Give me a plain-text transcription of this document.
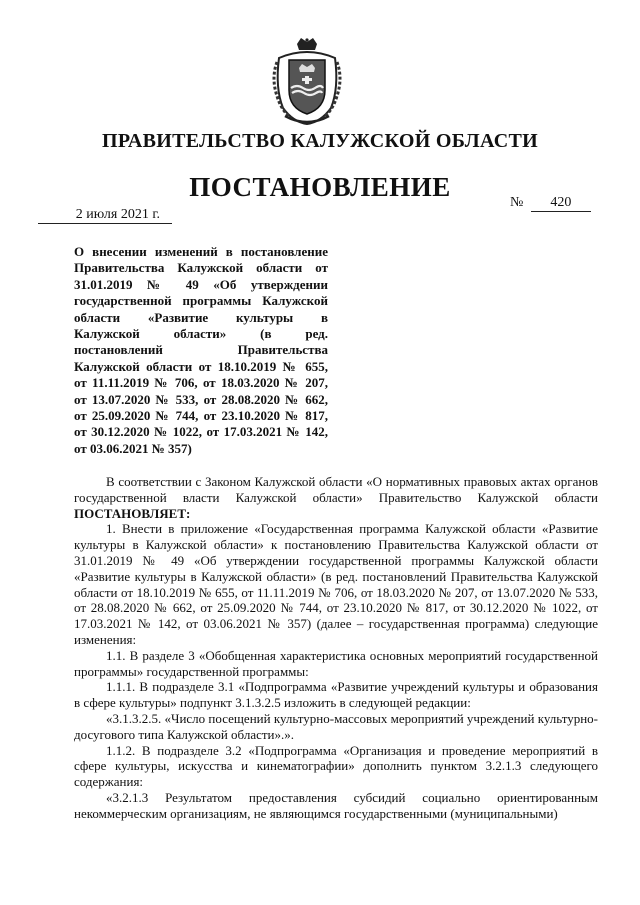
ПРАВИТЕЛЬСТВО КАЛУЖСКОЙ ОБЛАСТИ
ПОСТАНОВЛЕНИЕ
2 июля 2021 г.
№ 420
О внесении изменений в постановление
Правительства Калужской области от
31.01.2019 № 49 «Об утверждении
государственной программы Калужской
области «Развитие культуры в
Калужской области» (в ред.
постановлений Правительства
Калужской области от 18.10.2019 № 655,
от 11.11.2019 № 706, от 18.03.2020 № 207,
от 13.07.2020 № 533, от 28.08.2020 № 662,
от 25.09.2020 № 744, от 23.10.2020 № 817,
от 30.12.2020 № 1022, от 17.03.2021 № 142,
от 03.06.2021 № 357)

В соответствии с Законом Калужской области «О нормативных правовых актах органов государственной власти Калужской области» Правительство Калужской области ПОСТАНОВЛЯЕТ:

1. Внести в приложение «Государственная программа Калужской области «Развитие культуры в Калужской области» к постановлению Правительства Калужской области от 31.01.2019 № 49 «Об утверждении государственной программы Калужской области «Развитие культуры в Калужской области» (в ред. постановлений Правительства Калужской области от 18.10.2019 № 655, от 11.11.2019 № 706, от 18.03.2020 № 207, от 13.07.2020 № 533, от 28.08.2020 № 662, от 25.09.2020 № 744, от 23.10.2020 № 817, от 30.12.2020 № 1022, от 17.03.2021 № 142, от 03.06.2021 № 357) (далее – государственная программа) следующие изменения:

1.1. В разделе 3 «Обобщенная характеристика основных мероприятий государственной программы» государственной программы:

1.1.1. В подразделе 3.1 «Подпрограмма «Развитие учреждений культуры и образования в сфере культуры» подпункт 3.1.3.2.5 изложить в следующей редакции:

«3.1.3.2.5. «Число посещений культурно-массовых мероприятий учреждений культурно-досугового типа Калужской области».».

1.1.2. В подразделе 3.2 «Подпрограмма «Организация и проведение мероприятий в сфере культуры, искусства и кинематографии» дополнить пунктом 3.2.1.3 следующего содержания:

«3.2.1.3 Результатом предоставления субсидий социально ориентированным некоммерческим организациям, не являющимся государственными (муниципальными)
